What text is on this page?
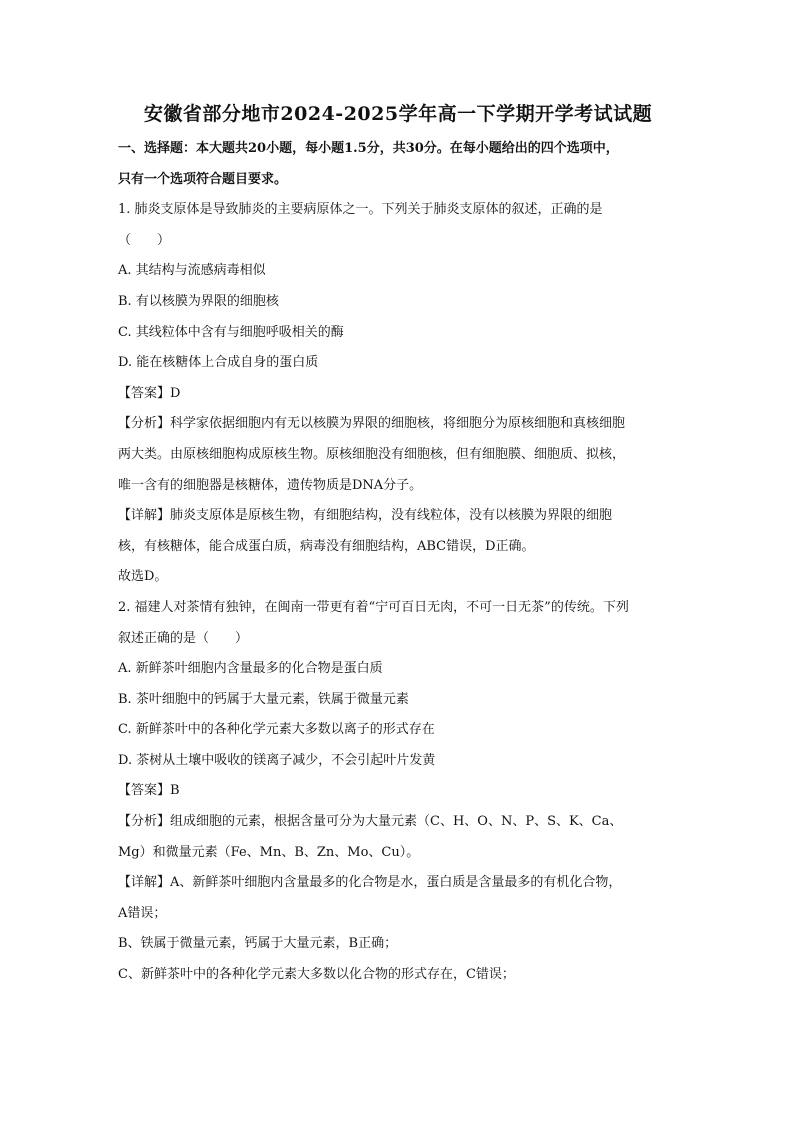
安徽省部分地市2024-2025学年高一下学期开学考试试题

一、选择题：本大题共20小题，每小题1.5分，共30分。在每小题给出的四个选项中，

只有一个选项符合题目要求。

1. 肺炎支原体是导致肺炎的主要病原体之一。下列关于肺炎支原体的叙述，正确的是

（　　）

A. 其结构与流感病毒相似

B. 有以核膜为界限的细胞核

C. 其线粒体中含有与细胞呼吸相关的酶

D. 能在核糖体上合成自身的蛋白质

【答案】D

【分析】科学家依据细胞内有无以核膜为界限的细胞核，将细胞分为原核细胞和真核细胞

两大类。由原核细胞构成原核生物。原核细胞没有细胞核，但有细胞膜、细胞质、拟核，

唯一含有的细胞器是核糖体，遗传物质是DNA分子。

【详解】肺炎支原体是原核生物，有细胞结构，没有线粒体，没有以核膜为界限的细胞

核，有核糖体，能合成蛋白质，病毒没有细胞结构，ABC错误，D正确。

故选D。

2. 福建人对茶情有独钟，在闽南一带更有着“宁可百日无肉，不可一日无茶”的传统。下列

叙述正确的是（　　）

A. 新鲜茶叶细胞内含量最多的化合物是蛋白质

B. 茶叶细胞中的钙属于大量元素，铁属于微量元素

C. 新鲜茶叶中的各种化学元素大多数以离子的形式存在

D. 茶树从土壤中吸收的镁离子减少，不会引起叶片发黄

【答案】B

【分析】组成细胞的元素，根据含量可分为大量元素（C、H、O、N、P、S、K、Ca、

Mg）和微量元素（Fe、Mn、B、Zn、Mo、Cu）。

【详解】A、新鲜茶叶细胞内含量最多的化合物是水，蛋白质是含量最多的有机化合物，

A错误；

B、铁属于微量元素，钙属于大量元素，B正确；

C、新鲜茶叶中的各种化学元素大多数以化合物的形式存在，C错误；
